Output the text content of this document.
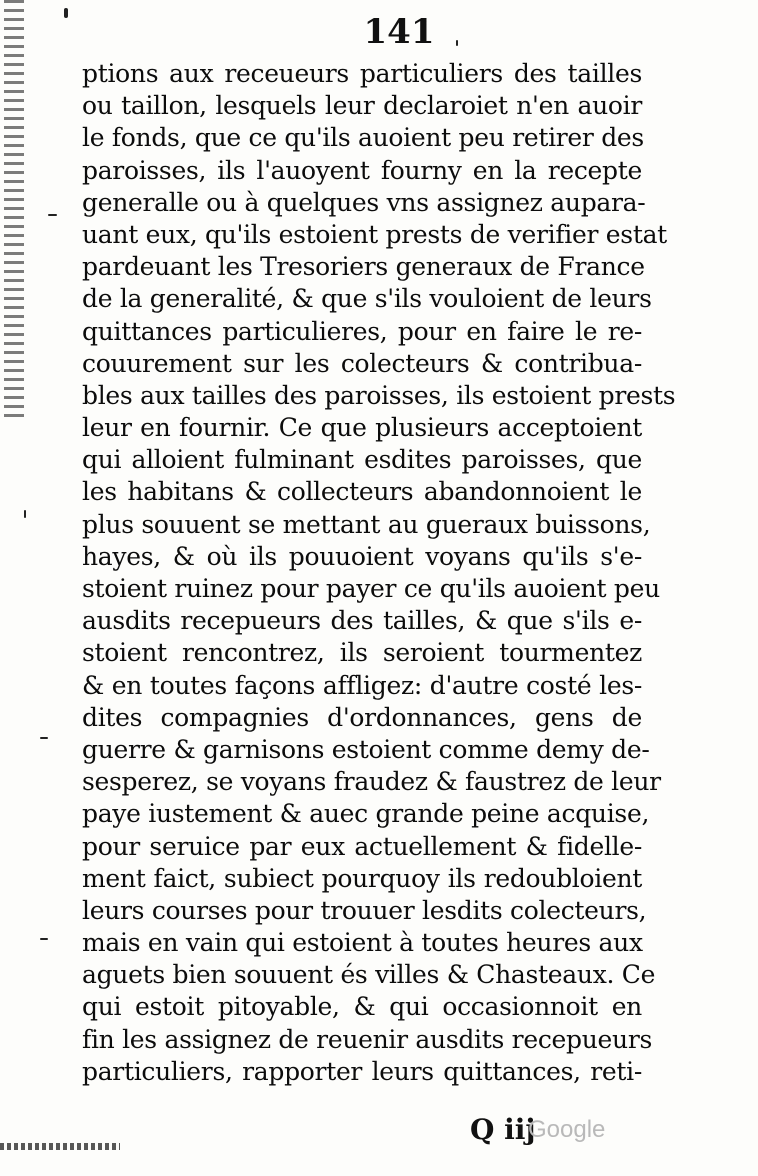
141
ptions aux receueurs particuliers des tailles
ou taillon, lesquels leur declaroiet n'en auoir
le fonds, que ce qu'ils auoient peu retirer des
paroisses, ils l'auoyent fourny en la recepte
generalle ou à quelques vns assignez aupara-
uant eux, qu'ils estoient prests de verifier estat
pardeuant les Tresoriers generaux de France
de la generalité, & que s'ils vouloient de leurs
quittances particulieres, pour en faire le re-
couurement sur les colecteurs & contribua-
bles aux tailles des paroisses, ils estoient prests
leur en fournir. Ce que plusieurs acceptoient
qui alloient fulminant esdites paroisses, que
les habitans & collecteurs abandonnoient le
plus souuent se mettant au gueraux buissons,
hayes, & où ils pouuoient voyans qu'ils s'e-
stoient ruinez pour payer ce qu'ils auoient peu
ausdits recepueurs des tailles, & que s'ils e-
stoient rencontrez, ils seroient tourmentez
& en toutes façons affligez: d'autre costé les-
dites compagnies d'ordonnances, gens de
guerre & garnisons estoient comme demy de-
sesperez, se voyans fraudez & faustrez de leur
paye iustement & auec grande peine acquise,
pour seruice par eux actuellement & fidelle-
ment faict, subiect pourquoy ils redoubloient
leurs courses pour trouuer lesdits colecteurs,
mais en vain qui estoient à toutes heures aux
aguets bien souuent és villes & Chasteaux. Ce
qui estoit pitoyable, & qui occasionnoit en
fin les assignez de reuenir ausdits recepueurs
particuliers, rapporter leurs quittances, reti-
Q iij
Google
